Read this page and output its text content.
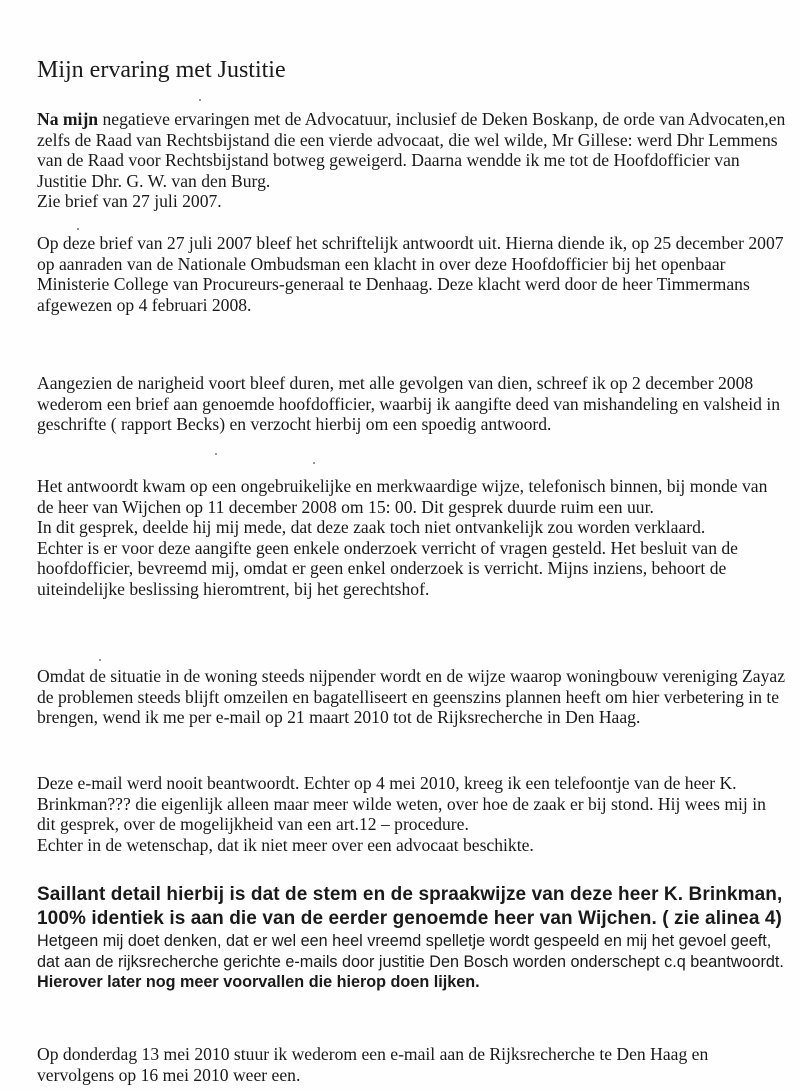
Mijn ervaring met Justitie

Na mijn negatieve ervaringen met de Advocatuur, inclusief de Deken Boskanp, de orde van Advocaten,en zelfs de Raad van Rechtsbijstand die een vierde advocaat, die wel wilde, Mr Gillese: werd Dhr Lemmens van de Raad voor Rechtsbijstand botweg geweigerd. Daarna wendde ik me tot de Hoofdofficier van Justitie Dhr. G. W. van den Burg.
Zie brief van 27 juli 2007.

Op deze brief van 27 juli 2007 bleef het schriftelijk antwoordt uit. Hierna diende ik, op 25 december 2007 op aanraden van de Nationale Ombudsman een klacht in over deze Hoofdofficier bij het openbaar Ministerie College van Procureurs-generaal te Denhaag. Deze klacht werd door de heer Timmermans afgewezen op 4 februari 2008.

Aangezien de narigheid voort bleef duren, met alle gevolgen van dien, schreef ik op 2 december 2008 wederom een brief aan genoemde hoofdofficier, waarbij ik aangifte deed van mishandeling en valsheid in geschrifte ( rapport Becks) en verzocht hierbij om een spoedig antwoord.

Het antwoordt kwam op een ongebruikelijke en merkwaardige wijze, telefonisch binnen, bij monde van de heer van Wijchen op 11 december 2008 om 15: 00. Dit gesprek duurde ruim een uur.
In dit gesprek, deelde hij mij mede, dat deze zaak toch niet ontvankelijk zou worden verklaard.
Echter is er voor deze aangifte geen enkele onderzoek verricht of vragen gesteld. Het besluit van de hoofdofficier, bevreemd mij, omdat er geen enkel onderzoek is verricht. Mijns inziens, behoort de uiteindelijke beslissing hieromtrent, bij het gerechtshof.

Omdat de situatie in de woning steeds nijpender wordt en de wijze waarop woningbouw vereniging Zayaz de problemen steeds blijft omzeilen en bagatelliseert en geenszins plannen heeft om hier verbetering in te brengen, wend ik me per e-mail op 21 maart 2010 tot de Rijksrecherche in Den Haag.

Deze e-mail werd nooit beantwoordt. Echter op 4 mei 2010, kreeg ik een telefoontje van de heer K. Brinkman??? die eigenlijk alleen maar meer wilde weten, over hoe de zaak er bij stond. Hij wees mij in dit gesprek, over de mogelijkheid van een art.12 – procedure.
Echter in de wetenschap, dat ik niet meer over een advocaat beschikte.

Saillant detail hierbij is dat de stem en de spraakwijze van deze heer K. Brinkman, 100% identiek is aan die van de eerder genoemde heer van Wijchen. ( zie alinea 4)
Hetgeen mij doet denken, dat er wel een heel vreemd spelletje wordt gespeeld en mij het gevoel geeft, dat aan de rijksrecherche gerichte e-mails door justitie Den Bosch worden onderschept c.q beantwoordt. Hierover later nog meer voorvallen die hierop doen lijken.

Op donderdag 13 mei 2010 stuur ik wederom een e-mail aan de Rijksrecherche te Den Haag en vervolgens op 16 mei 2010 weer een.
